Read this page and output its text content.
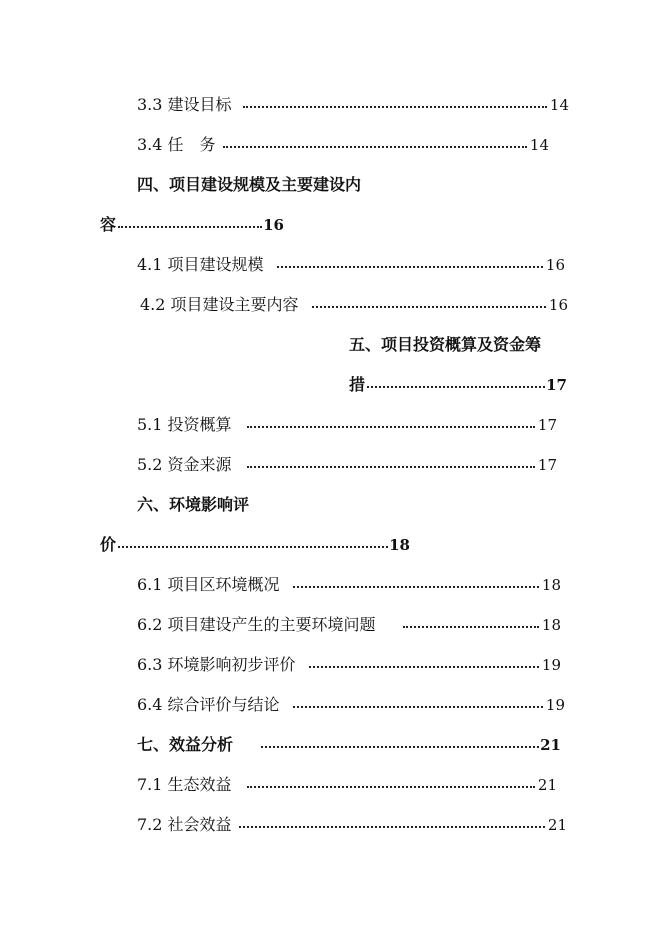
3.3 建设目标	14
3.4 任　务	14
四、项目建设规模及主要建设内
容	16
4.1 项目建设规模	16
4.2 项目建设主要内容	16
五、项目投资概算及资金筹
措	17
5.1 投资概算	17
5.2 资金来源	17
六、环境影响评
价	18
6.1 项目区环境概况	18
6.2 项目建设产生的主要环境问题	18
6.3 环境影响初步评价	19
6.4 综合评价与结论	19
七、效益分析	21
7.1 生态效益	21
7.2 社会效益	21
